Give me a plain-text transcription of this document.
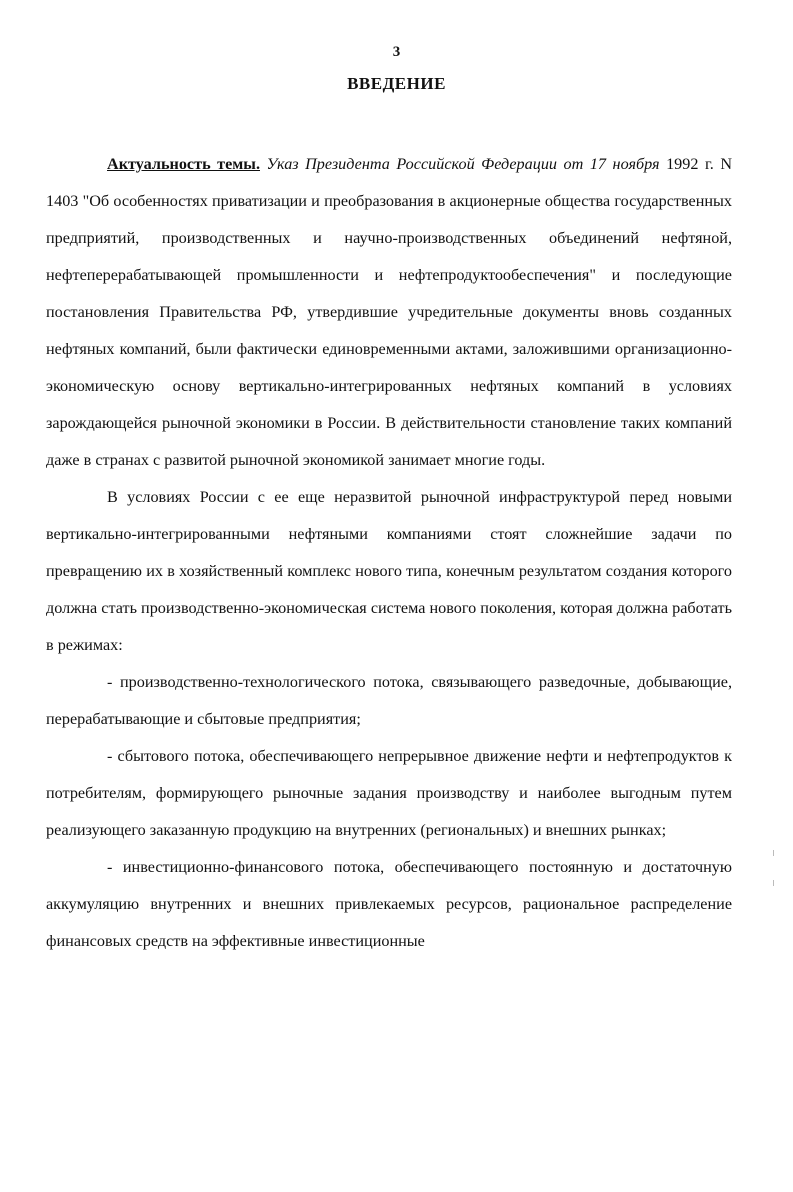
3
ВВЕДЕНИЕ

Актуальность темы. Указ Президента Российской Федерации от 17 ноября 1992 г. N 1403 "Об особенностях приватизации и преобразования в акционерные общества государственных предприятий, производственных и научно-производственных объединений нефтяной, нефтеперерабатывающей промышленности и нефтепродуктообеспечения" и последующие постановления Правительства РФ, утвердившие учредительные документы вновь созданных нефтяных компаний, были фактически единовременными актами, заложившими организационно-экономическую основу вертикально-интегрированных нефтяных компаний в условиях зарождающейся рыночной экономики в России. В действительности становление таких компаний даже в странах с развитой рыночной экономикой занимает многие годы.

В условиях России с ее еще неразвитой рыночной инфраструктурой перед новыми вертикально-интегрированными нефтяными компаниями стоят сложнейшие задачи по превращению их в хозяйственный комплекс нового типа, конечным результатом создания которого должна стать производственно-экономическая система нового поколения, которая должна работать в режимах:

- производственно-технологического потока, связывающего разведочные, добывающие, перерабатывающие и сбытовые предприятия;

- сбытового потока, обеспечивающего непрерывное движение нефти и нефтепродуктов к потребителям, формирующего рыночные задания производству и наиболее выгодным путем реализующего заказанную продукцию на внутренних (региональных) и внешних рынках;

- инвестиционно-финансового потока, обеспечивающего постоянную и достаточную аккумуляцию внутренних и внешних привлекаемых ресурсов, рациональное распределение финансовых средств на эффективные инвестиционные
